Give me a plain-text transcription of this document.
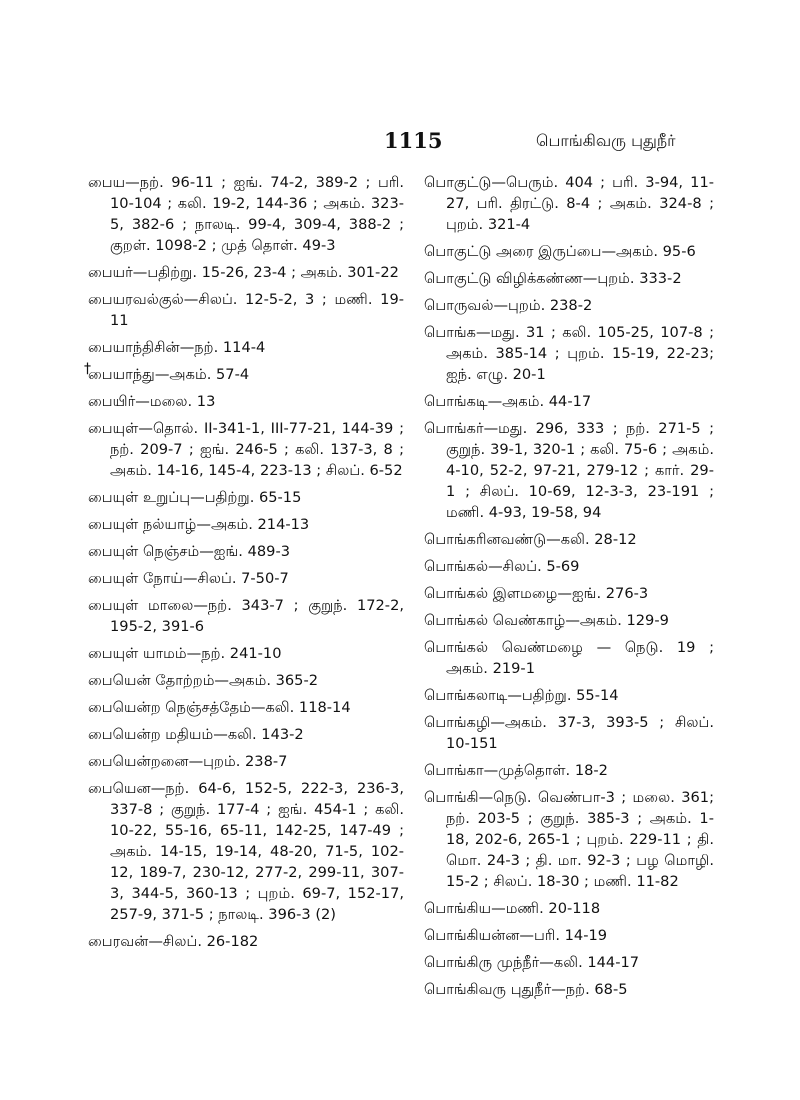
1115	பொங்கிவரு புதுநீர்
†

பைய—நற். 96-11 ; ஐங். 74-2, 389-2 ; பரி. 10-104 ; கலி. 19-2, 144-36 ; அகம். 323-5, 382-6 ; நாலடி. 99-4, 309-4, 388-2 ; குறள். 1098-2 ; முத் தொள். 49-3

பையர்—பதிற்று. 15-26, 23-4 ; அகம். 301-22

பையரவல்குல்—சிலப். 12-5-2, 3 ; மணி. 19-11

பையாந்திசின்—நற். 114-4

பையாந்து—அகம். 57-4

பையிர்—மலை. 13

பையுள்—தொல். II-341-1, III-77-21, 144-39 ; நற். 209-7 ; ஐங். 246-5 ; கலி. 137-3, 8 ; அகம். 14-16, 145-4, 223-13 ; சிலப். 6-52

பையுள் உறுப்பு—பதிற்று. 65-15

பையுள் நல்யாழ்—அகம். 214-13

பையுள் நெஞ்சம்—ஐங். 489-3

பையுள் நோய்—சிலப். 7-50-7

பையுள் மாலை—நற். 343-7 ; குறுந். 172-2, 195-2, 391-6

பையுள் யாமம்—நற். 241-10

பையென் தோற்றம்—அகம். 365-2

பையென்ற நெஞ்சத்தேம்—கலி. 118-14

பையென்ற மதியம்—கலி. 143-2

பையென்றனை—புறம். 238-7

பையென—நற். 64-6, 152-5, 222-3, 236-3, 337-8 ; குறுந். 177-4 ; ஐங். 454-1 ; கலி. 10-22, 55-16, 65-11, 142-25, 147-49 ; அகம். 14-15, 19-14, 48-20, 71-5, 102-12, 189-7, 230-12, 277-2, 299-11, 307-3, 344-5, 360-13 ; புறம். 69-7, 152-17, 257-9, 371-5 ; நாலடி. 396-3 (2)

பைரவன்—சிலப். 26-182

பொகுட்டு—பெரும். 404 ; பரி. 3-94, 11-27, பரி. திரட்டு. 8-4 ; அகம். 324-8 ; புறம். 321-4

பொகுட்டு அரை இருப்பை—அகம். 95-6

பொகுட்டு விழிக்கண்ண—புறம். 333-2

பொருவல்—புறம். 238-2

பொங்க—மது. 31 ; கலி. 105-25, 107-8 ; அகம். 385-14 ; புறம். 15-19, 22-23; ஐந். எழு. 20-1

பொங்கடி—அகம். 44-17

பொங்கர்—மது. 296, 333 ; நற். 271-5 ; குறுந். 39-1, 320-1 ; கலி. 75-6 ; அகம். 4-10, 52-2, 97-21, 279-12 ; கார். 29-1 ; சிலப். 10-69, 12-3-3, 23-191 ; மணி. 4-93, 19-58, 94

பொங்கரினவண்டு—கலி. 28-12

பொங்கல்—சிலப். 5-69

பொங்கல் இளமழை—ஐங். 276-3

பொங்கல் வெண்காழ்—அகம். 129-9

பொங்கல் வெண்மழை — நெடு. 19 ; அகம். 219-1

பொங்கலாடி—பதிற்று. 55-14

பொங்கழி—அகம். 37-3, 393-5 ; சிலப். 10-151

பொங்கா—முத்தொள். 18-2

பொங்கி—நெடு. வெண்பா-3 ; மலை. 361; நற். 203-5 ; குறுந். 385-3 ; அகம். 1-18, 202-6, 265-1 ; புறம். 229-11 ; தி. மொ. 24-3 ; தி. மா. 92-3 ; பழ மொழி. 15-2 ; சிலப். 18-30 ; மணி. 11-82

பொங்கிய—மணி. 20-118

பொங்கியன்ன—பரி. 14-19

பொங்கிரு முந்நீர்—கலி. 144-17

பொங்கிவரு புதுநீர்—நற். 68-5
